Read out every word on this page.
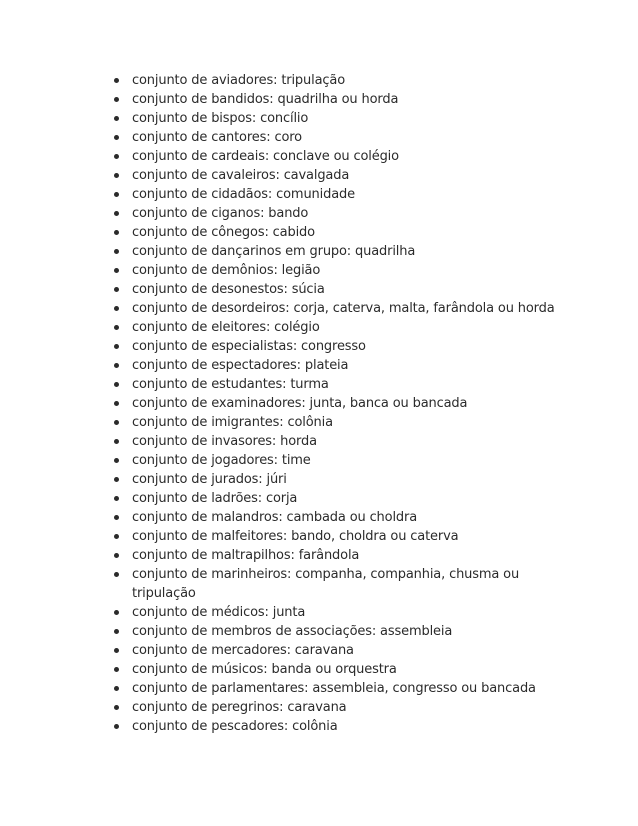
conjunto de aviadores: tripulação
conjunto de bandidos: quadrilha ou horda
conjunto de bispos: concílio
conjunto de cantores: coro
conjunto de cardeais: conclave ou colégio
conjunto de cavaleiros: cavalgada
conjunto de cidadãos: comunidade
conjunto de ciganos: bando
conjunto de cônegos: cabido
conjunto de dançarinos em grupo: quadrilha
conjunto de demônios: legião
conjunto de desonestos: súcia
conjunto de desordeiros: corja, caterva, malta, farândola ou horda
conjunto de eleitores: colégio
conjunto de especialistas: congresso
conjunto de espectadores: plateia
conjunto de estudantes: turma
conjunto de examinadores: junta, banca ou bancada
conjunto de imigrantes: colônia
conjunto de invasores: horda
conjunto de jogadores: time
conjunto de jurados: júri
conjunto de ladrões: corja
conjunto de malandros: cambada ou choldra
conjunto de malfeitores: bando, choldra ou caterva
conjunto de maltrapilhos: farândola
conjunto de marinheiros: companha, companhia, chusma ou tripulação
conjunto de médicos: junta
conjunto de membros de associações: assembleia
conjunto de mercadores: caravana
conjunto de músicos: banda ou orquestra
conjunto de parlamentares: assembleia, congresso ou bancada
conjunto de peregrinos: caravana
conjunto de pescadores: colônia
